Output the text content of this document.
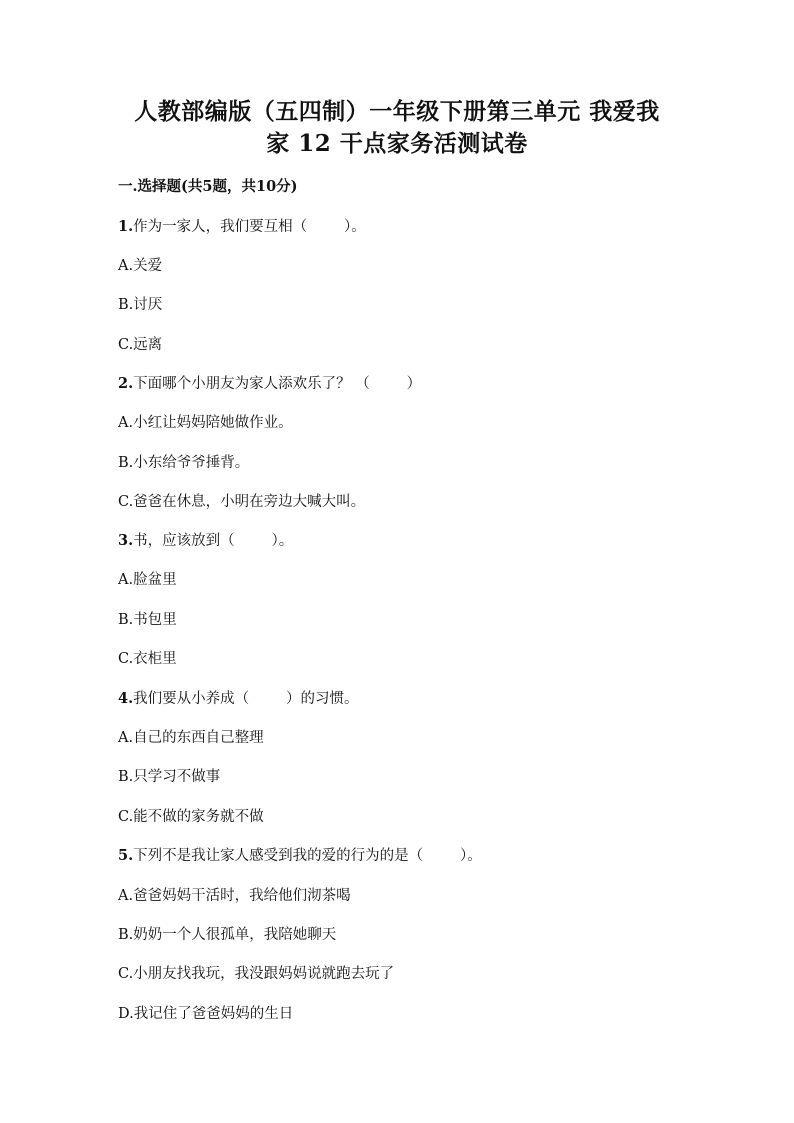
人教部编版（五四制）一年级下册第三单元 我爱我
家 12 干点家务活测试卷
一.选择题(共5题，共10分)
1.作为一家人，我们要互相（        ）。
A.关爱
B.讨厌
C.远离
2.下面哪个小朋友为家人添欢乐了？ （        ）
A.小红让妈妈陪她做作业。
B.小东给爷爷捶背。
C.爸爸在休息，小明在旁边大喊大叫。
3.书，应该放到（        ）。
A.脸盆里
B.书包里
C.衣柜里
4.我们要从小养成（        ）的习惯。
A.自己的东西自己整理
B.只学习不做事
C.能不做的家务就不做
5.下列不是我让家人感受到我的爱的行为的是（        ）。
A.爸爸妈妈干活时，我给他们沏茶喝
B.奶奶一个人很孤单，我陪她聊天
C.小朋友找我玩，我没跟妈妈说就跑去玩了
D.我记住了爸爸妈妈的生日
